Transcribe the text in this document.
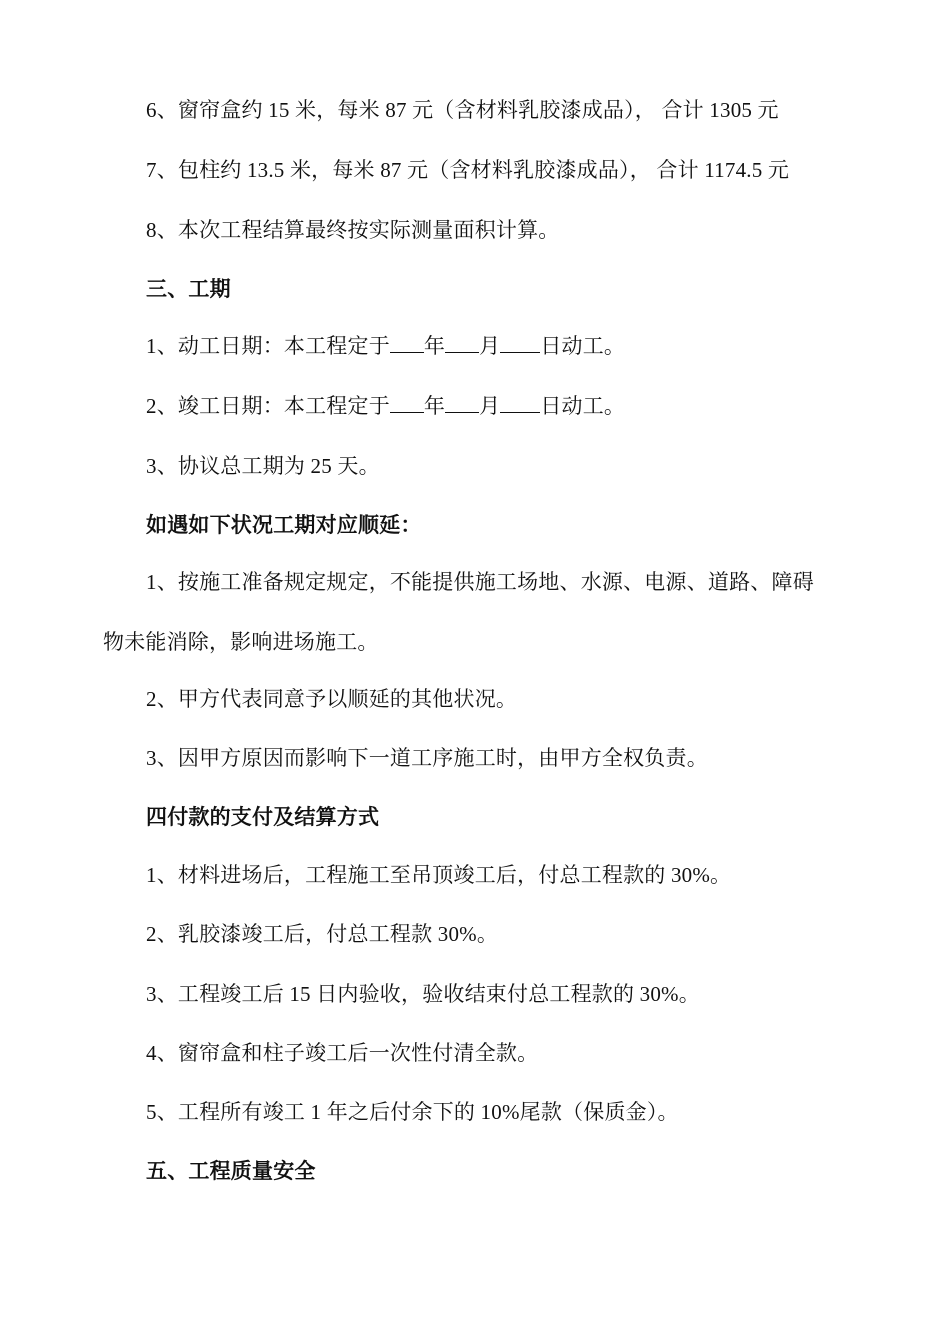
6、窗帘盒约 15 米，每米 87 元（含材料乳胶漆成品）， 合计 1305 元
7、包柱约 13.5 米，每米 87 元（含材料乳胶漆成品）， 合计 1174.5 元
8、本次工程结算最终按实际测量面积计算。
三、工期
1、动工日期：本工程定于 年 月 日动工。
2、竣工日期：本工程定于 年 月 日动工。
3、协议总工期为 25 天。
如遇如下状况工期对应顺延：
1、按施工准备规定规定，不能提供施工场地、水源、电源、道路、障碍
物未能消除，影响进场施工。
2、甲方代表同意予以顺延的其他状况。
3、因甲方原因而影响下一道工序施工时，由甲方全权负责。
四付款的支付及结算方式
1、材料进场后，工程施工至吊顶竣工后，付总工程款的 30%。
2、乳胶漆竣工后，付总工程款 30%。
3、工程竣工后 15 日内验收，验收结束付总工程款的 30%。
4、窗帘盒和柱子竣工后一次性付清全款。
5、工程所有竣工 1 年之后付余下的 10%尾款（保质金）。
五、工程质量安全
